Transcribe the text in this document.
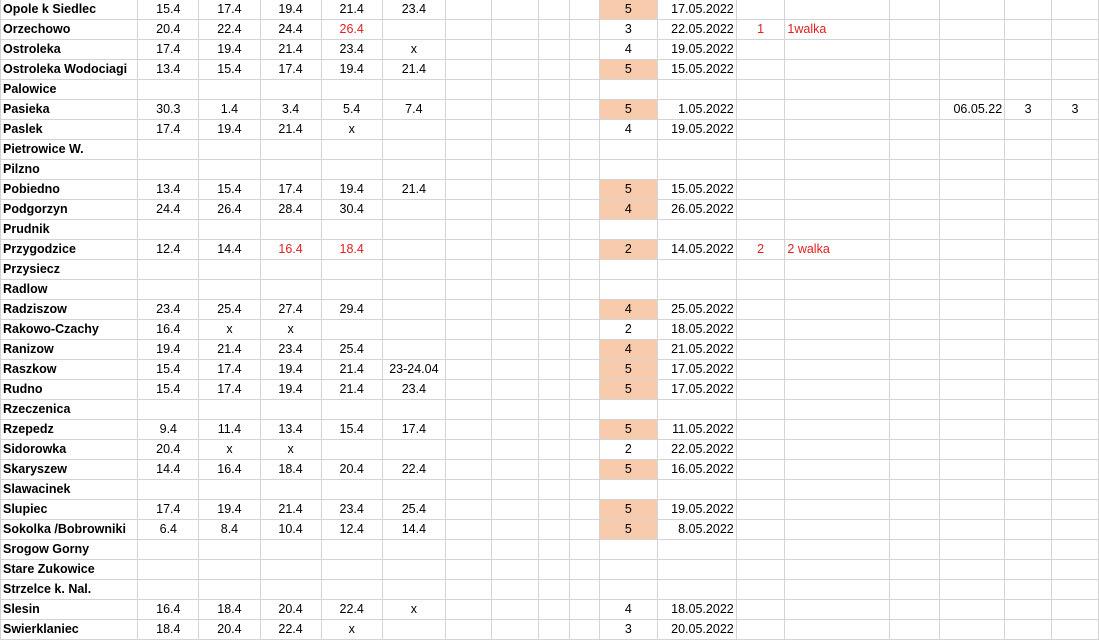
Opole k Siedlec	15.4	17.4	19.4	21.4	23.4					5	17.05.2022						
Orzechowo	20.4	22.4	24.4	26.4						3	22.05.2022	1	1walka				
Ostroleka	17.4	19.4	21.4	23.4	x					4	19.05.2022						
Ostroleka Wodociagi	13.4	15.4	17.4	19.4	21.4					5	15.05.2022						
Palowice																	
Pasieka	30.3	1.4	3.4	5.4	7.4					5	1.05.2022				06.05.22	3	3
Paslek	17.4	19.4	21.4	x						4	19.05.2022						
Pietrowice W.																	
Pilzno																	
Pobiedno	13.4	15.4	17.4	19.4	21.4					5	15.05.2022						
Podgorzyn	24.4	26.4	28.4	30.4						4	26.05.2022						
Prudnik																	
Przygodzice	12.4	14.4	16.4	18.4						2	14.05.2022	2	2 walka				
Przysiecz																	
Radlow																	
Radziszow	23.4	25.4	27.4	29.4						4	25.05.2022						
Rakowo-Czachy	16.4	x	x							2	18.05.2022						
Ranizow	19.4	21.4	23.4	25.4						4	21.05.2022						
Raszkow	15.4	17.4	19.4	21.4	23-24.04					5	17.05.2022						
Rudno	15.4	17.4	19.4	21.4	23.4					5	17.05.2022						
Rzeczenica																	
Rzepedz	9.4	11.4	13.4	15.4	17.4					5	11.05.2022						
Sidorowka	20.4	x	x							2	22.05.2022						
Skaryszew	14.4	16.4	18.4	20.4	22.4					5	16.05.2022						
Slawacinek																	
Slupiec	17.4	19.4	21.4	23.4	25.4					5	19.05.2022						
Sokolka /Bobrowniki	6.4	8.4	10.4	12.4	14.4					5	8.05.2022						
Srogow Gorny																	
Stare Zukowice																	
Strzelce k. Nal.																	
Slesin	16.4	18.4	20.4	22.4	x					4	18.05.2022						
Swierklaniec	18.4	20.4	22.4	x						3	20.05.2022						
